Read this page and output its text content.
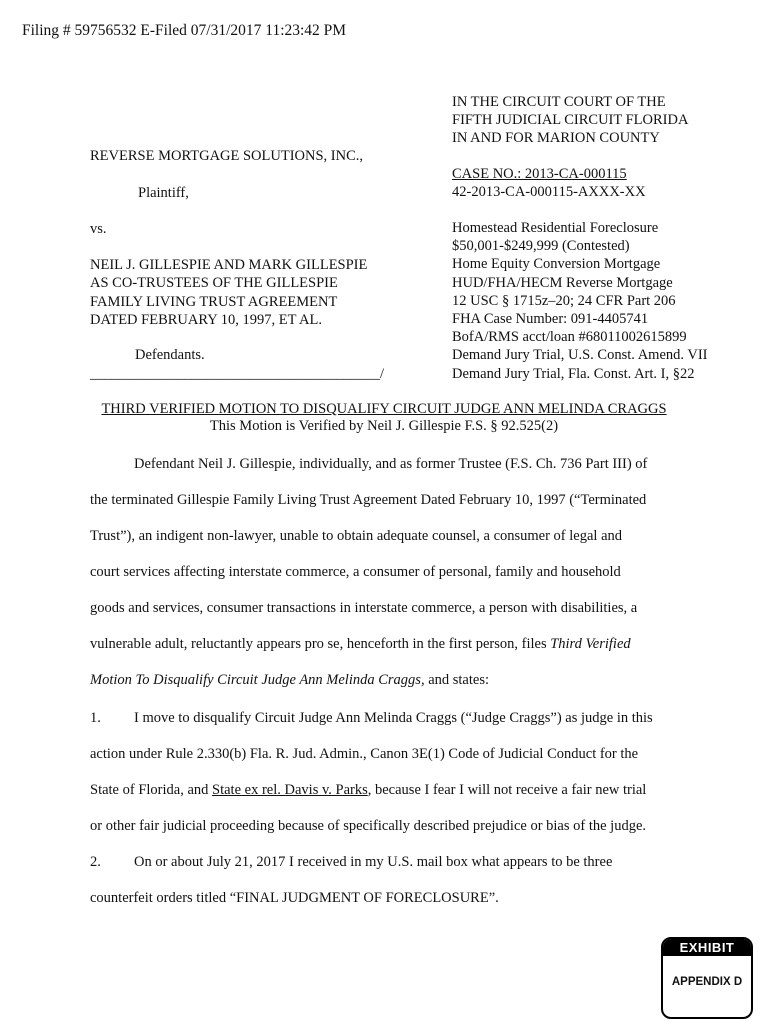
Filing # 59756532 E-Filed 07/31/2017 11:23:42 PM
IN THE CIRCUIT COURT OF THE
FIFTH JUDICIAL CIRCUIT FLORIDA
IN AND FOR MARION COUNTY
REVERSE MORTGAGE SOLUTIONS, INC.,
CASE NO.: 2013-CA-000115
42-2013-CA-000115-AXXX-XX
Plaintiff,
vs.	Homestead Residential Foreclosure
$50,001-$249,999 (Contested)
Home Equity Conversion Mortgage
HUD/FHA/HECM Reverse Mortgage
12 USC § 1715z–20; 24 CFR Part 206
FHA Case Number: 091-4405741
BofA/RMS acct/loan #68011002615899
Demand Jury Trial, U.S. Const. Amend. VII
Demand Jury Trial, Fla. Const. Art. I, §22
NEIL J. GILLESPIE AND MARK GILLESPIE
AS CO-TRUSTEES OF THE GILLESPIE
FAMILY LIVING TRUST AGREEMENT
DATED FEBRUARY 10, 1997, ET AL.
Defendants.
________________________________________/
THIRD VERIFIED MOTION TO DISQUALIFY CIRCUIT JUDGE ANN MELINDA CRAGGS
This Motion is Verified by Neil J. Gillespie F.S. § 92.525(2)
Defendant Neil J. Gillespie, individually, and as former Trustee (F.S. Ch. 736 Part III) of
the terminated Gillespie Family Living Trust Agreement Dated February 10, 1997 (“Terminated
Trust”), an indigent non-lawyer, unable to obtain adequate counsel, a consumer of legal and
court services affecting interstate commerce, a consumer of personal, family and household
goods and services, consumer transactions in interstate commerce, a person with disabilities, a
vulnerable adult, reluctantly appears pro se, henceforth in the first person, files Third Verified
Motion To Disqualify Circuit Judge Ann Melinda Craggs, and states:
1. I move to disqualify Circuit Judge Ann Melinda Craggs (“Judge Craggs”) as judge in this
action under Rule 2.330(b) Fla. R. Jud. Admin., Canon 3E(1) Code of Judicial Conduct for the
State of Florida, and State ex rel. Davis v. Parks, because I fear I will not receive a fair new trial
or other fair judicial proceeding because of specifically described prejudice or bias of the judge.
2. On or about July 21, 2017 I received in my U.S. mail box what appears to be three
counterfeit orders titled “FINAL JUDGMENT OF FORECLOSURE”.
EXHIBIT
APPENDIX D
